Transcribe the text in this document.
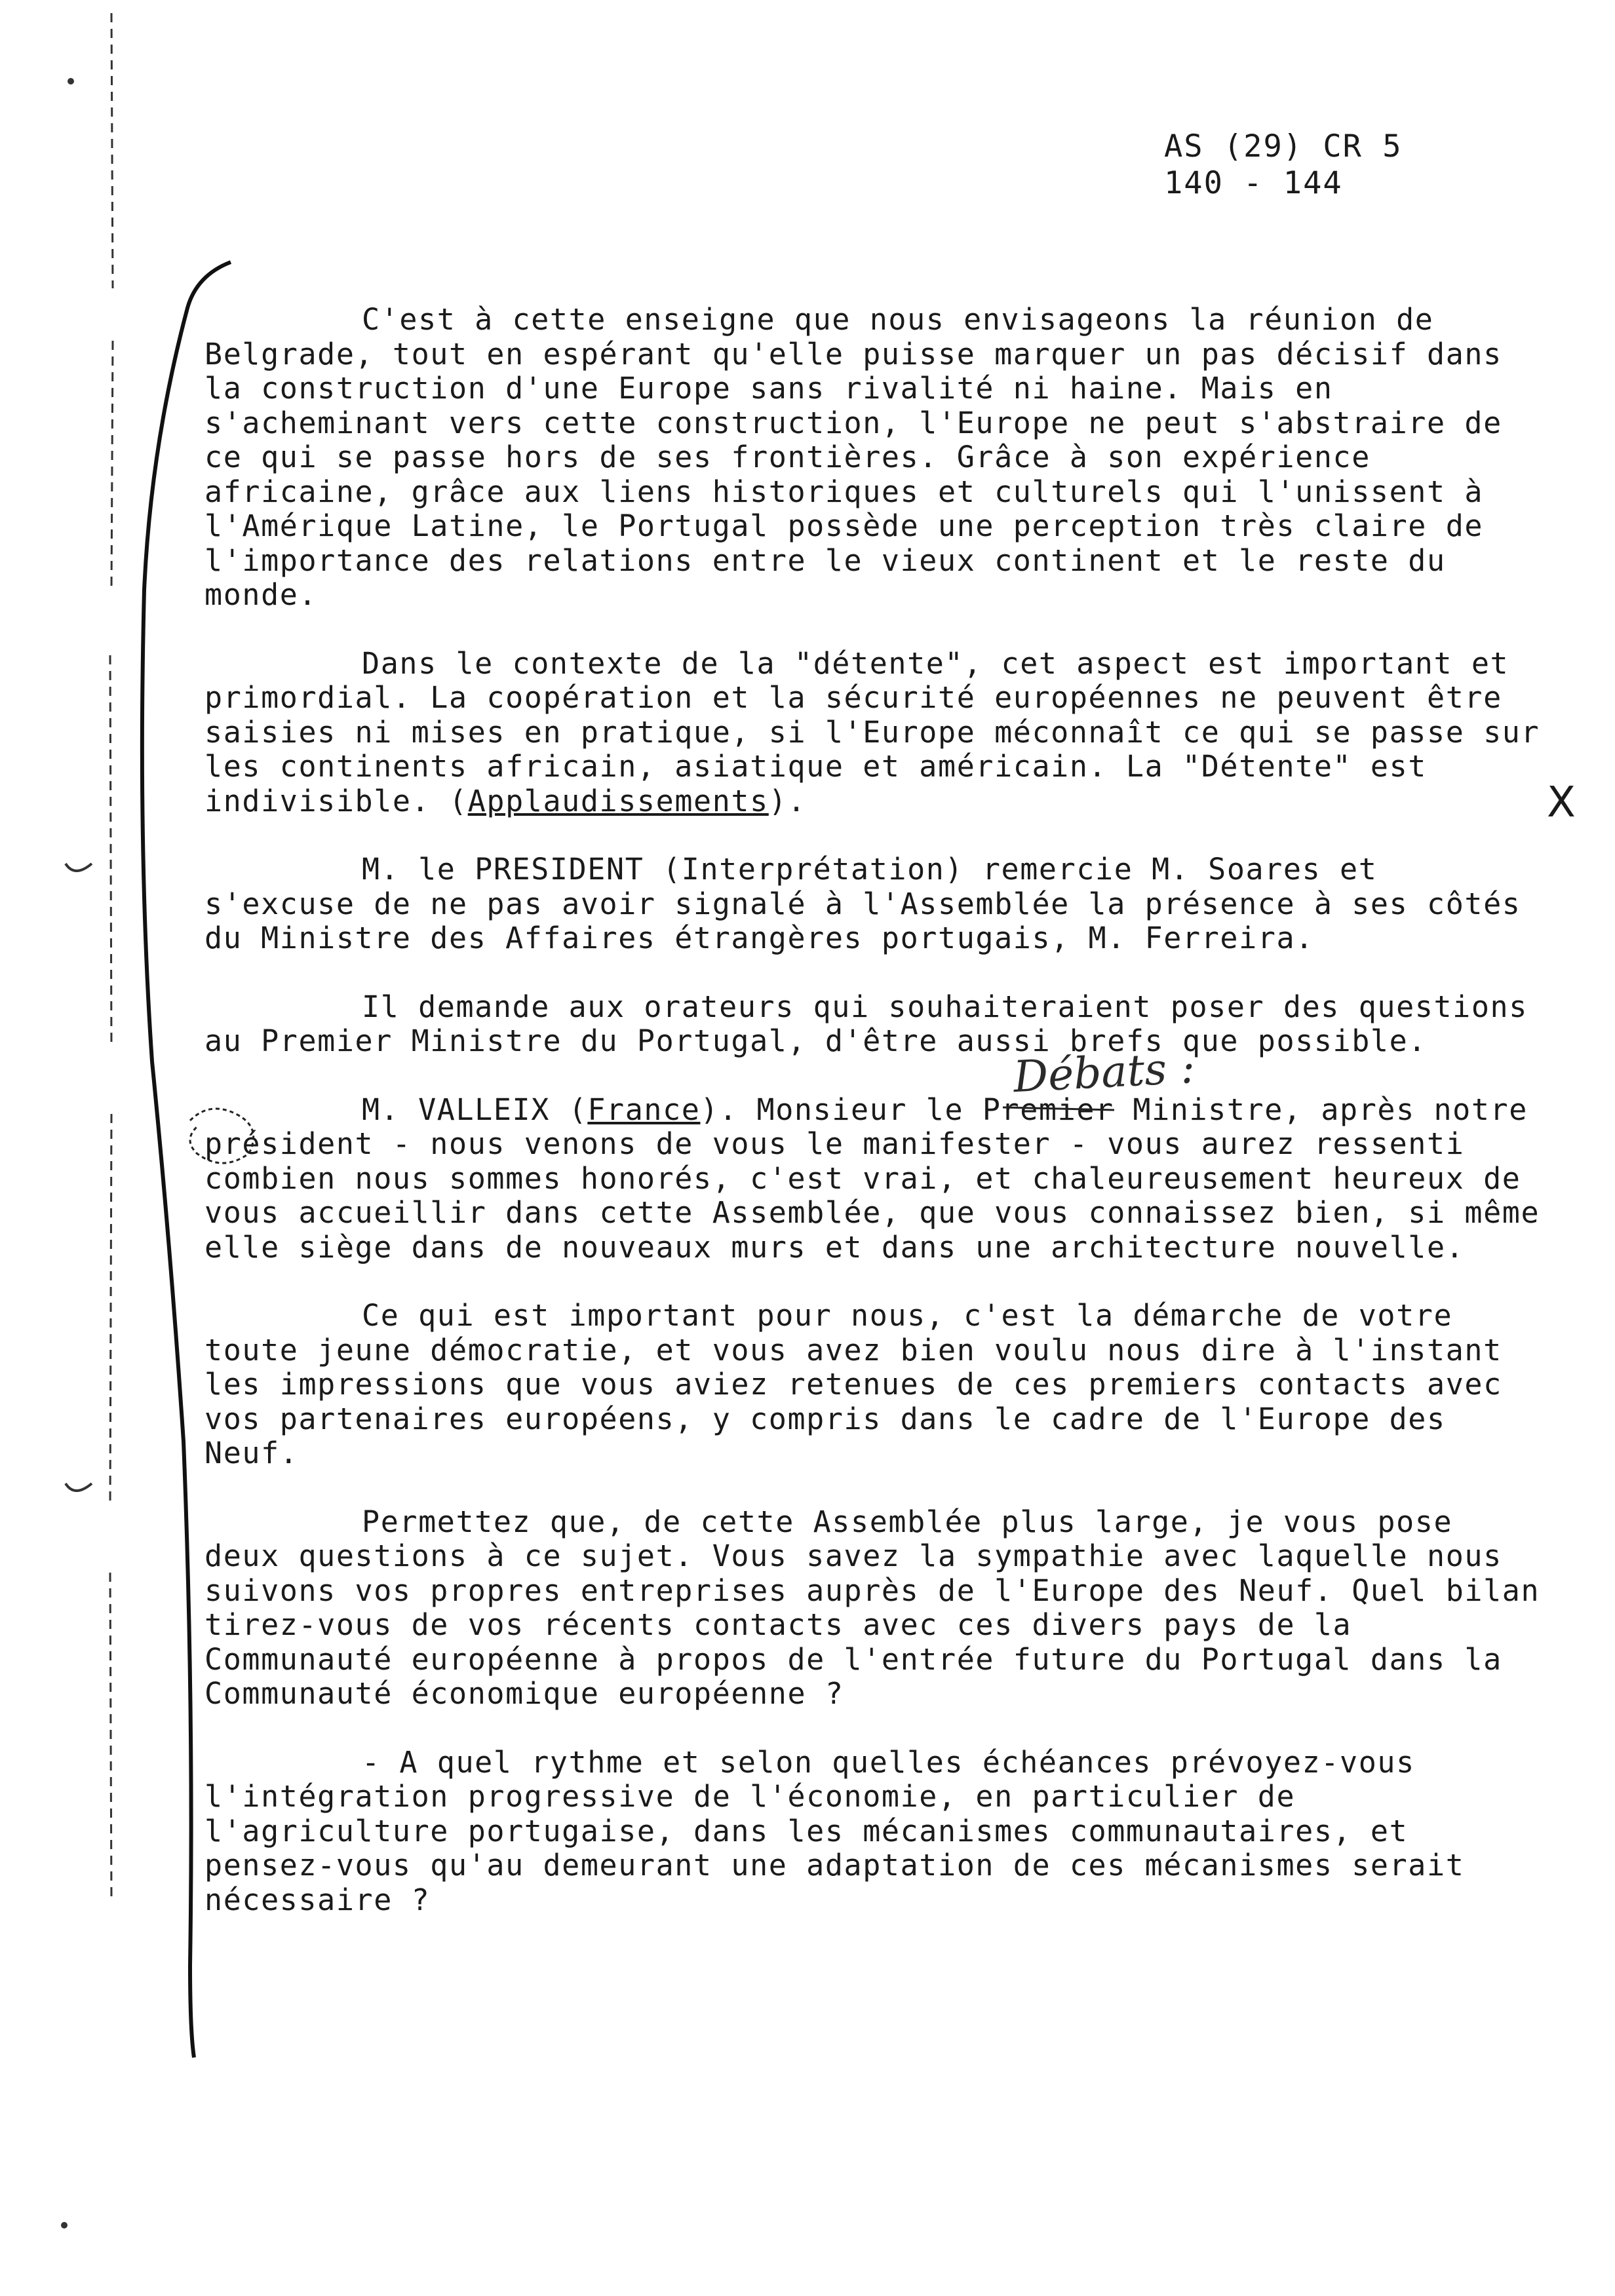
AS (29) CR 5
140 - 144

C'est à cette enseigne que nous envisageons la réunion de Belgrade, tout en espérant qu'elle puisse marquer un pas décisif dans la construction d'une Europe sans rivalité ni haine. Mais en s'acheminant vers cette construction, l'Europe ne peut s'abstraire de ce qui se passe hors de ses frontières. Grâce à son expérience africaine, grâce aux liens historiques et culturels qui l'unissent à l'Amérique Latine, le Portugal possède une perception très claire de l'importance des relations entre le vieux continent et le reste du monde.

Dans le contexte de la "détente", cet aspect est important et primordial. La coopération et la sécurité européennes ne peuvent être saisies ni mises en pratique, si l'Europe méconnaît ce qui se passe sur les continents africain, asiatique et américain. La "Détente" est indivisible. (Applaudissements).

M. le PRESIDENT (Interprétation) remercie M. Soares et s'excuse de ne pas avoir signalé à l'Assemblée la présence à ses côtés du Ministre des Affaires étrangères portugais, M. Ferreira.

Il demande aux orateurs qui souhaiteraient poser des questions au Premier Ministre du Portugal, d'être aussi brefs que possible.

M. VALLEIX (France). Monsieur le Premier Ministre, après notre président - nous venons de vous le manifester - vous aurez ressenti combien nous sommes honorés, c'est vrai, et chaleureusement heureux de vous accueillir dans cette Assemblée, que vous connaissez bien, si même elle siège dans de nouveaux murs et dans une architecture nouvelle.

Ce qui est important pour nous, c'est la démarche de votre toute jeune démocratie, et vous avez bien voulu nous dire à l'instant les impressions que vous aviez retenues de ces premiers contacts avec vos partenaires européens, y compris dans le cadre de l'Europe des Neuf.

Permettez que, de cette Assemblée plus large, je vous pose deux questions à ce sujet. Vous savez la sympathie avec laquelle nous suivons vos propres entreprises auprès de l'Europe des Neuf. Quel bilan tirez-vous de vos récents contacts avec ces divers pays de la Communauté européenne à propos de l'entrée future du Portugal dans la Communauté économique européenne ?

- A quel rythme et selon quelles échéances prévoyez-vous l'intégration progressive de l'économie, en particulier de l'agriculture portugaise, dans les mécanismes communautaires, et pensez-vous qu'au demeurant une adaptation de ces mécanismes serait nécessaire ?

Débats :
X
